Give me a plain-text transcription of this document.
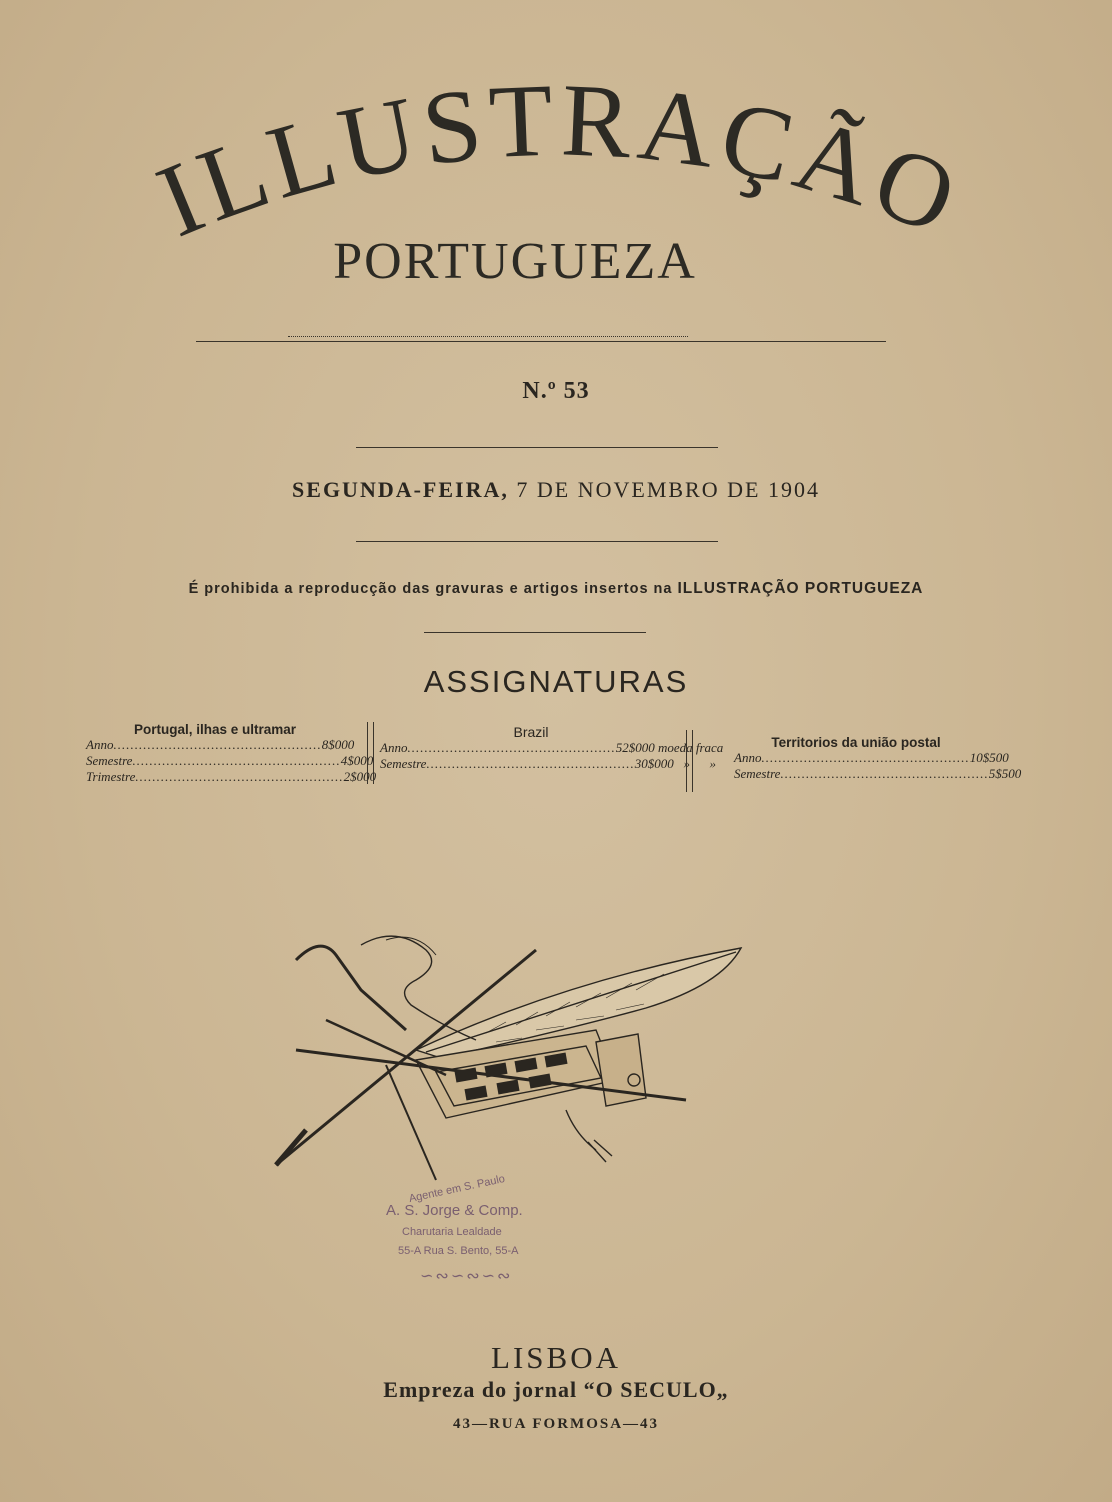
ILLUSTRAÇÃO
PORTUGUEZA
N.º 53
SEGUNDA-FEIRA, 7 DE NOVEMBRO DE 1904
É prohibida a reproducção das gravuras e artigos insertos na ILLUSTRAÇÃO PORTUGUEZA
ASSIGNATURAS
Portugal, ilhas e ultramar
Anno ................................................. 8$000
Semestre ................................................. 4$000
Trimestre ................................................. 2$000
Brazil
Anno ................................................. 52$000 moeda fraca
Semestre ................................................. 30$000   »      »
Territorios da união postal
Anno ................................................. 10$500
Semestre ................................................. 5$500
Agente em S. Paulo
A. S. Jorge & Comp.
Charutaria Lealdade
55-A Rua S. Bento, 55-A
∽∾∽∾∽∾
LISBOA
Empreza do jornal “O SECULO„
43—RUA FORMOSA—43
